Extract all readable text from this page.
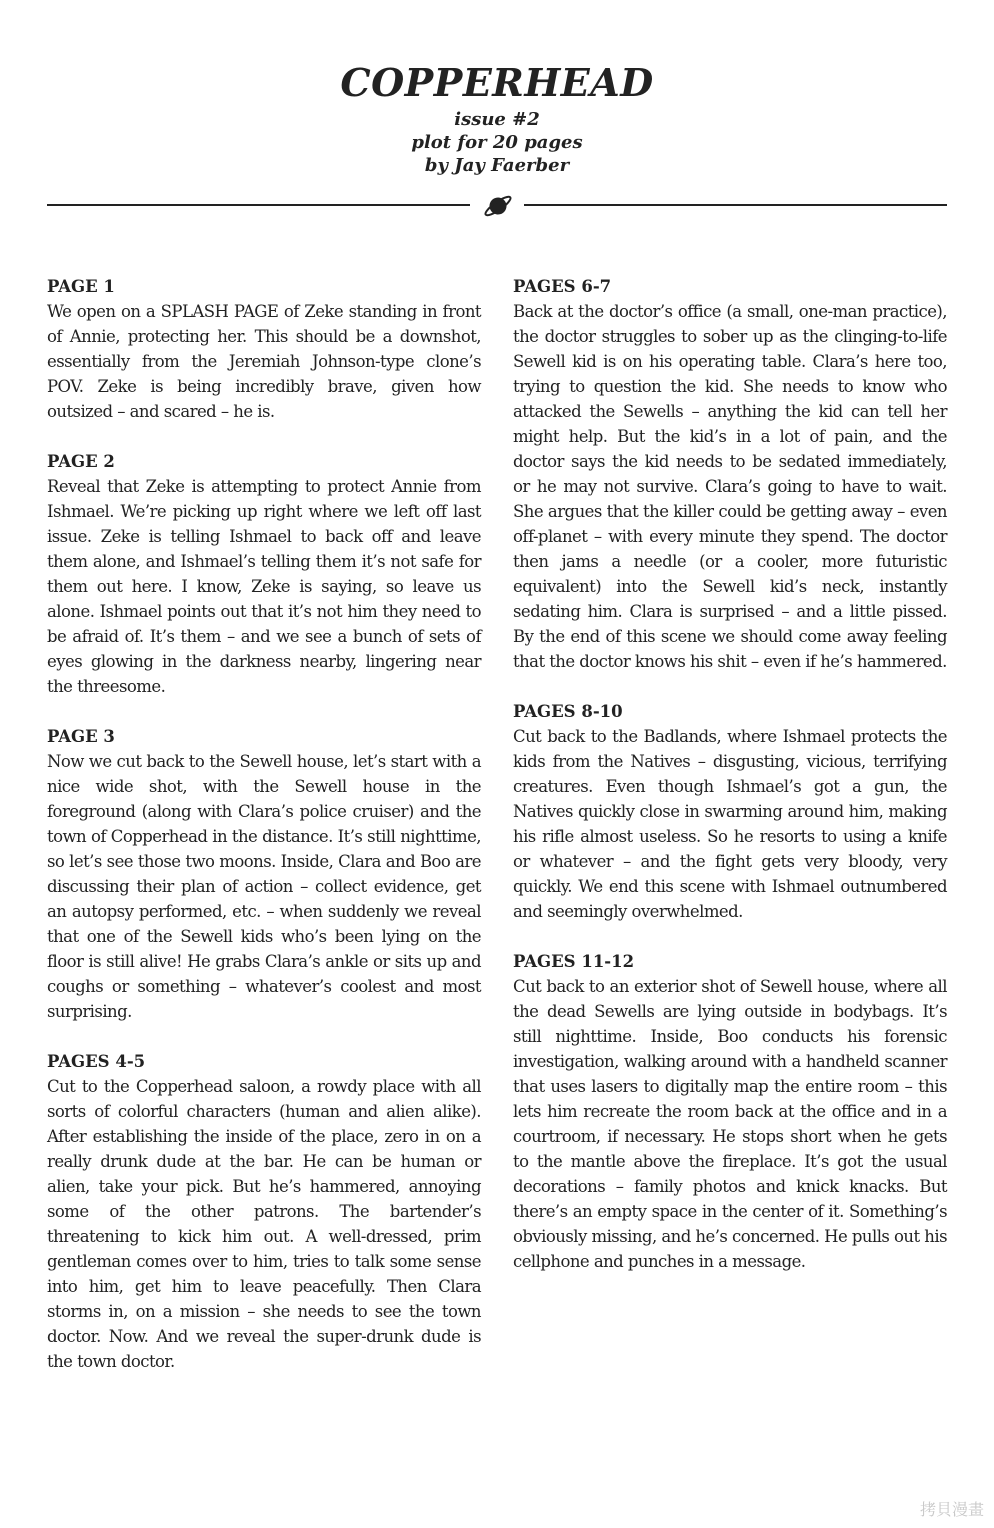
COPPERHEAD

issue #2

plot for 20 pages

by Jay Faerber

PAGE 1

We open on a SPLASH PAGE of Zeke standing in front of Annie, protecting her. This should be a downshot, essentially from the Jeremiah Johnson-type clone’s POV. Zeke is being incredibly brave, given how outsized – and scared – he is.

PAGE 2

Reveal that Zeke is attempting to protect Annie from Ishmael. We’re picking up right where we left off last issue. Zeke is telling Ishmael to back off and leave them alone, and Ishmael’s telling them it’s not safe for them out here. I know, Zeke is saying, so leave us alone. Ishmael points out that it’s not him they need to be afraid of. It’s them – and we see a bunch of sets of eyes glowing in the darkness nearby, lingering near the threesome.

PAGE 3

Now we cut back to the Sewell house, let’s start with a nice wide shot, with the Sewell house in the foreground (along with Clara’s police cruiser) and the town of Copperhead in the distance. It’s still nighttime, so let’s see those two moons. Inside, Clara and Boo are discussing their plan of action – collect evidence, get an autopsy performed, etc. – when suddenly we reveal that one of the Sewell kids who’s been lying on the floor is still alive! He grabs Clara’s ankle or sits up and coughs or something – whatever’s coolest and most surprising.

PAGES 4-5

Cut to the Copperhead saloon, a rowdy place with all sorts of colorful characters (human and alien alike). After establishing the inside of the place, zero in on a really drunk dude at the bar. He can be human or alien, take your pick. But he’s hammered, annoying some of the other patrons. The bartender’s threatening to kick him out. A well-dressed, prim gentleman comes over to him, tries to talk some sense into him, get him to leave peacefully. Then Clara storms in, on a mission – she needs to see the town doctor. Now. And we reveal the super-drunk dude is the town doctor.

PAGES 6-7

Back at the doctor’s office (a small, one-man practice), the doctor struggles to sober up as the clinging-to-life Sewell kid is on his operating table. Clara’s here too, trying to question the kid. She needs to know who attacked the Sewells – anything the kid can tell her might help. But the kid’s in a lot of pain, and the doctor says the kid needs to be sedated immediately, or he may not survive. Clara’s going to have to wait. She argues that the killer could be getting away – even off-planet – with every minute they spend. The doctor then jams a needle (or a cooler, more futuristic equivalent) into the Sewell kid’s neck, instantly sedating him. Clara is surprised – and a little pissed. By the end of this scene we should come away feeling that the doctor knows his shit – even if he’s hammered.

PAGES 8-10

Cut back to the Badlands, where Ishmael protects the kids from the Natives – disgusting, vicious, terrifying creatures. Even though Ishmael’s got a gun, the Natives quickly close in swarming around him, making his rifle almost useless. So he resorts to using a knife or whatever – and the fight gets very bloody, very quickly. We end this scene with Ishmael outnumbered and seemingly overwhelmed.

PAGES 11-12

Cut back to an exterior shot of Sewell house, where all the dead Sewells are lying outside in bodybags. It’s still nighttime. Inside, Boo conducts his forensic investigation, walking around with a handheld scanner that uses lasers to digitally map the entire room – this lets him recreate the room back at the office and in a courtroom, if necessary. He stops short when he gets to the mantle above the fireplace. It’s got the usual decorations – family photos and knick knacks. But there’s an empty space in the center of it. Something’s obviously missing, and he’s concerned. He pulls out his cellphone and punches in a message.

拷貝漫畫
